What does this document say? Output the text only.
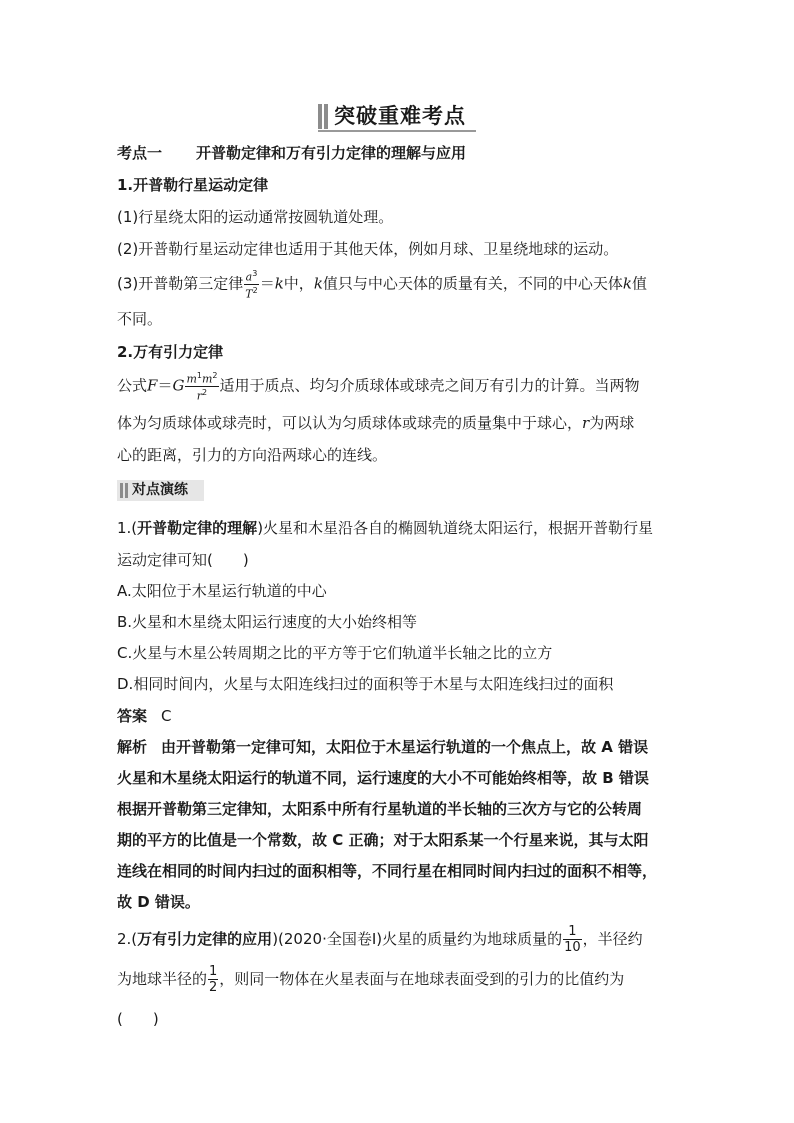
突破重难考点
考点一 开普勒定律和万有引力定律的理解与应用
1.开普勒行星运动定律
(1)行星绕太阳的运动通常按圆轨道处理。
(2)开普勒行星运动定律也适用于其他天体，例如月球、卫星绕地球的运动。
(3)开普勒第三定律 $\frac{a^3}{T^2} =k$中，k值只与中心天体的质量有关，不同的中心天体k值
不同。
2.万有引力定律
公式$F=G \frac{m^1m^2}{r^2}$ 适用于质点、均匀介质球体或球壳之间万有引力的计算。当两物
体为匀质球体或球壳时，可以认为匀质球体或球壳的质量集中于球心，r为两球
心的距离，引力的方向沿两球心的连线。
对点演练
1.(开普勒定律的理解)火星和木星沿各自的椭圆轨道绕太阳运行，根据开普勒行星
运动定律可知(　　)
A.太阳位于木星运行轨道的中心
B.火星和木星绕太阳运行速度的大小始终相等
C.火星与木星公转周期之比的平方等于它们轨道半长轴之比的立方
D.相同时间内，火星与太阳连线扫过的面积等于木星与太阳连线扫过的面积
答案 C
解析 由开普勒第一定律可知，太阳位于木星运行轨道的一个焦点上，故 A 错误
火星和木星绕太阳运行的轨道不同，运行速度的大小不可能始终相等，故 B 错误
根据开普勒第三定律知，太阳系中所有行星轨道的半长轴的三次方与它的公转周
期的平方的比值是一个常数，故 C 正确；对于太阳系某一个行星来说，其与太阳
连线在相同的时间内扫过的面积相等，不同行星在相同时间内扫过的面积不相等，
故 D 错误。
2.(万有引力定律的应用)(2020·全国卷Ⅰ)火星的质量约为地球质量的 $\frac{1}{10}$ ，半径约
为地球半径的 $\frac{1}{2}$ ，则同一物体在火星表面与在地球表面受到的引力的比值约为
(　　)
